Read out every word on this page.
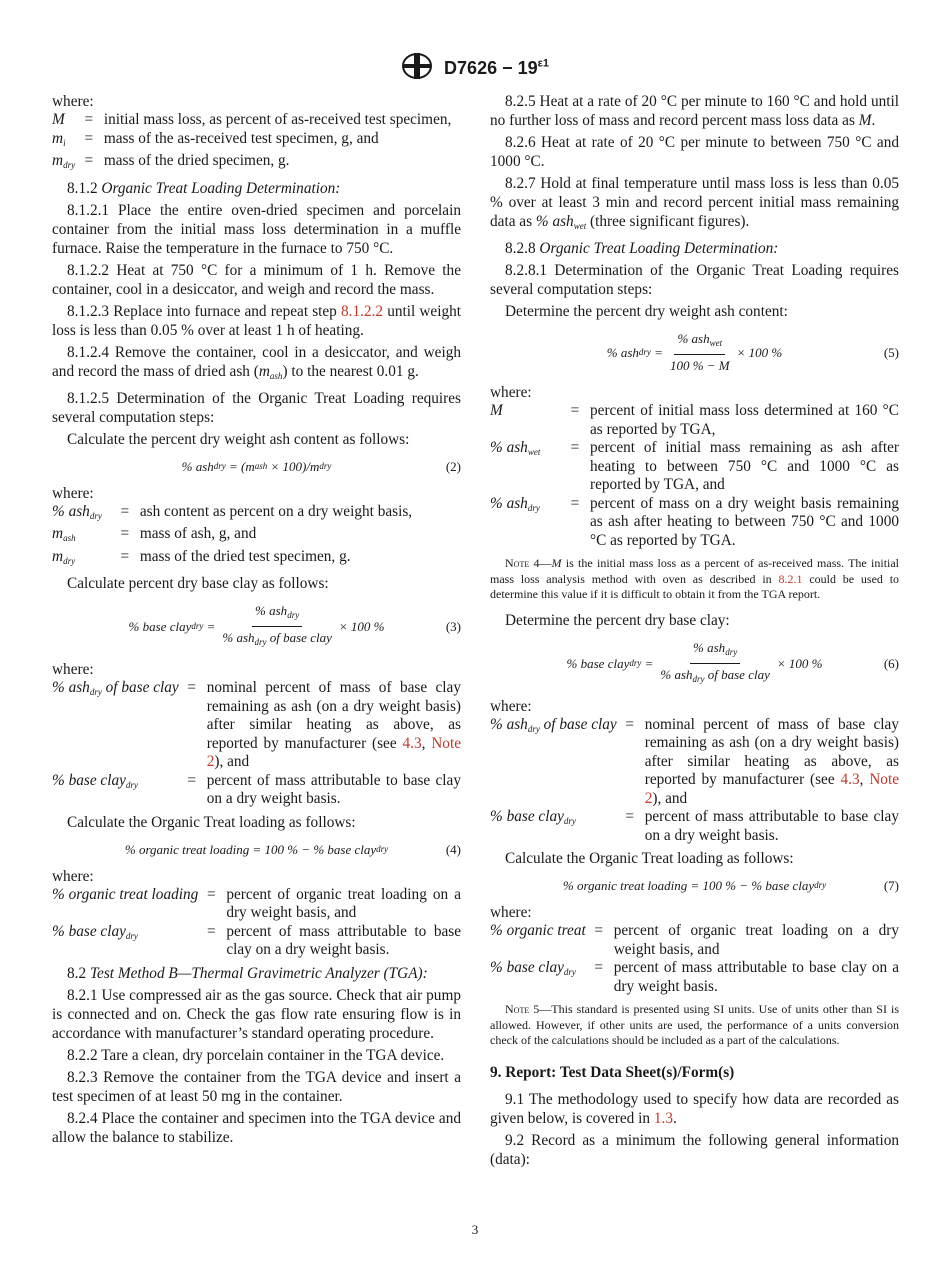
$D7626 - 19^{\varepsilon 1}$
where:
M	=	initial mass loss, as percent of as-received test specimen,
$m_i$	=	mass of the as-received test specimen, g, and
$m_{dry}$	=	mass of the dried specimen, g.

8.1.2 Organic Treat Loading Determination:

8.1.2.1 Place the entire oven-dried specimen and porcelain container from the initial mass loss determination in a muffle furnace. Raise the temperature in the furnace to 750 °C.

8.1.2.2 Heat at 750 °C for a minimum of 1 h. Remove the container, cool in a desiccator, and weigh and record the mass.

8.1.2.3 Replace into furnace and repeat step 8.1.2.2 until weight loss is less than 0.05 % over at least 1 h of heating.

8.1.2.4 Remove the container, cool in a desiccator, and weigh and record the mass of dried ash $(m_{ash})$ to the nearest 0.01 g.

8.1.2.5 Determination of the Organic Treat Loading requires several computation steps:

Calculate the percent dry weight ash content as follows:

% ash dry
= (m ash
× 100)/m dry	(2)
where:
% ash$_{dry}$	=	ash content as percent on a dry weight basis,
$m_{ash}$	=	mass of ash, g, and
$m_{dry}$	=	mass of the dried test specimen, g.

Calculate percent dry base clay as follows:

% base clay dry = $\frac{\% ash_{dry}}{\% ash_{dry} of base clay} \times 100$ %	(3)
where:
% ash$_{dry}$ of base clay	=	nominal percent of mass of base clay remaining as ash (on a dry weight basis) after similar heating as above, as reported by manufacturer (see 4.3, Note 2), and
% base clay$_{dry}$	=	percent of mass attributable to base clay on a dry weight basis.

Calculate the Organic Treat loading as follows:

% organic treat loading = 100 % − % base clay dry	(4)
where:
% organic treat loading	=	percent of organic treat loading on a dry weight basis, and
% base clay$_{dry}$	=	percent of mass attributable to base clay on a dry weight basis.

8.2 Test Method B—Thermal Gravimetric Analyzer (TGA):

8.2.1 Use compressed air as the gas source. Check that air pump is connected and on. Check the gas flow rate ensuring flow is in accordance with manufacturer’s standard operating procedure.

8.2.2 Tare a clean, dry porcelain container in the TGA device.

8.2.3 Remove the container from the TGA device and insert a test specimen of at least 50 mg in the container.

8.2.4 Place the container and specimen into the TGA device and allow the balance to stabilize.

8.2.5 Heat at a rate of 20 °C per minute to 160 °C and hold until no further loss of mass and record percent mass loss data as M.

8.2.6 Heat at rate of 20 °C per minute to between 750 °C and 1000 °C.

8.2.7 Hold at final temperature until mass loss is less than 0.05 % over at least 3 min and record percent initial mass remaining data as % ash$_{wet}$ (three significant figures).

8.2.8 Organic Treat Loading Determination:

8.2.8.1 Determination of the Organic Treat Loading requires several computation steps:

Determine the percent dry weight ash content:

% ash dry = $\frac{\% ash_{wet}}{100 \% - M} \times 100$ %	(5)
where:
M	=	percent of initial mass loss determined at 160 °C as reported by TGA,
% ash$_{wet}$	=	percent of initial mass remaining as ash after heating to between 750 °C and 1000 °C as reported by TGA, and
% ash$_{dry}$	=	percent of mass on a dry weight basis remaining as ash after heating to between 750 °C and 1000 °C as reported by TGA.
Note 4—M is the initial mass loss as a percent of as-received mass. The initial mass loss analysis method with oven as described in 8.2.1 could be used to determine this value if it is difficult to obtain it from the TGA report.

Determine the percent dry base clay:

% base clay dry = $\frac{\% ash_{dry}}{\% ash_{dry} of base clay} \times 100$ %	(6)
where:
% ash$_{dry}$ of base clay	=	nominal percent of mass of base clay remaining as ash (on a dry weight basis) after similar heating as above, as reported by manufacturer (see 4.3, Note 2), and
% base clay$_{dry}$	=	percent of mass attributable to base clay on a dry weight basis.

Calculate the Organic Treat loading as follows:

% organic treat loading = 100 % − % base clay dry	(7)
where:
% organic treat	=	percent of organic treat loading on a dry weight basis, and
% base clay$_{dry}$	=	percent of mass attributable to base clay on a dry weight basis.
Note 5—This standard is presented using SI units. Use of units other than SI is allowed. However, if other units are used, the performance of a units conversion check of the calculations should be included as a part of the calculations.
9. Report: Test Data Sheet(s)/Form(s)

9.1 The methodology used to specify how data are recorded as given below, is covered in 1.3.

9.2 Record as a minimum the following general information (data):

3
